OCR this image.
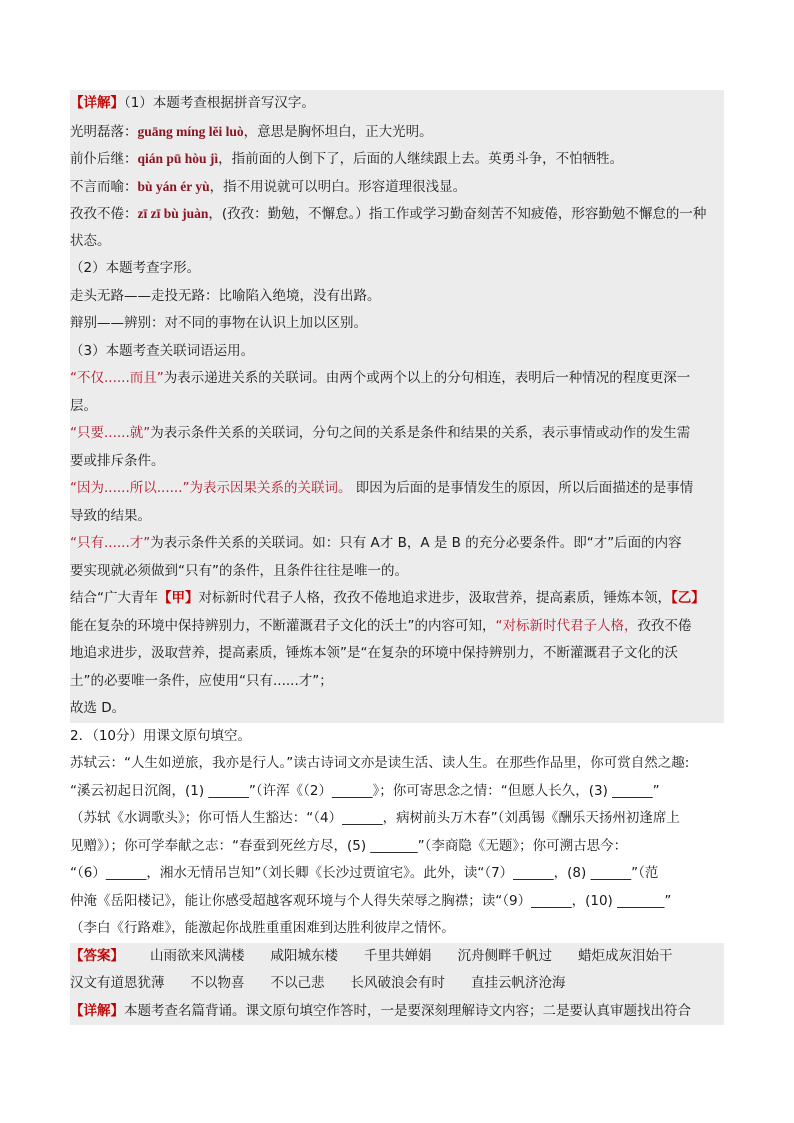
【详解】（1）本题考查根据拼音写汉字。
光明磊落：guāng míng lěi luò，意思是胸怀坦白，正大光明。
前仆后继：qián pū hòu jì，指前面的人倒下了，后面的人继续跟上去。英勇斗争，不怕牺牲。
不言而喻：bù yán ér yù，指不用说就可以明白。形容道理很浅显。
孜孜不倦：zī zī bù juàn，(孜孜：勤勉，不懈怠。）指工作或学习勤奋刻苦不知疲倦，形容勤勉不懈怠的一种
状态。
（2）本题考查字形。
走头无路——走投无路：比喻陷入绝境，没有出路。
辩别——辨别：对不同的事物在认识上加以区别。
（3）本题考查关联词语运用。
“不仅......而且”为表示递进关系的关联词。由两个或两个以上的分句相连，表明后一种情况的程度更深一
层。
“只要......就”为表示条件关系的关联词，分句之间的关系是条件和结果的关系，表示事情或动作的发生需
要或排斥条件。
“因为......所以......”为表示因果关系的关联词。 即因为后面的是事情发生的原因，所以后面描述的是事情
导致的结果。
“只有......才”为表示条件关系的关联词。如：只有 A才 B，A 是 B 的充分必要条件。即“才”后面的内容
要实现就必须做到“只有”的条件，且条件往往是唯一的。
结合“广大青年【甲】对标新时代君子人格，孜孜不倦地追求进步，汲取营养，提高素质，锤炼本领，【乙】
能在复杂的环境中保持辨别力，不断灌溉君子文化的沃土”的内容可知，“对标新时代君子人格，孜孜不倦
地追求进步，汲取营养，提高素质，锤炼本领”是“在复杂的环境中保持辨别力，不断灌溉君子文化的沃
土”的必要唯一条件，应使用“只有......才”；
故选 D。
2．（10分）用课文原句填空。
苏轼云：“人生如逆旅，我亦是行人。”读古诗词文亦是读生活、读人生。在那些作品里，你可赏自然之趣:
“溪云初起日沉阁，(1) ______”（许浑《（2）______》；你可寄思念之情：“但愿人长久，(3) ______”
（苏轼《水调歌头》；你可悟人生豁达：“（4）______，病树前头万木春”（刘禹锡《酬乐天扬州初逢席上
见赠》）；你可学奉献之志：“春蚕到死丝方尽，(5) _______”（李商隐《无题》；你可溯古思今：
“（6）______，湘水无情吊岂知”（刘长卿《长沙过贾谊宅》。此外，读“（7）______，(8) ______”（范
仲淹《岳阳楼记》，能让你感受超越客观环境与个人得失荣辱之胸襟；读“（9）______，(10) _______”
（李白《行路难》，能激起你战胜重重困难到达胜利彼岸之情怀。
【答案】 山雨欲来风满楼 咸阳城东楼 千里共婵娟 沉舟侧畔千帆过 蜡炬成灰泪始干
汉文有道恩犹薄 不以物喜 不以己悲 长风破浪会有时 直挂云帆济沧海
【详解】本题考查名篇背诵。课文原句填空作答时，一是要深刻理解诗文内容；二是要认真审题找出符合
